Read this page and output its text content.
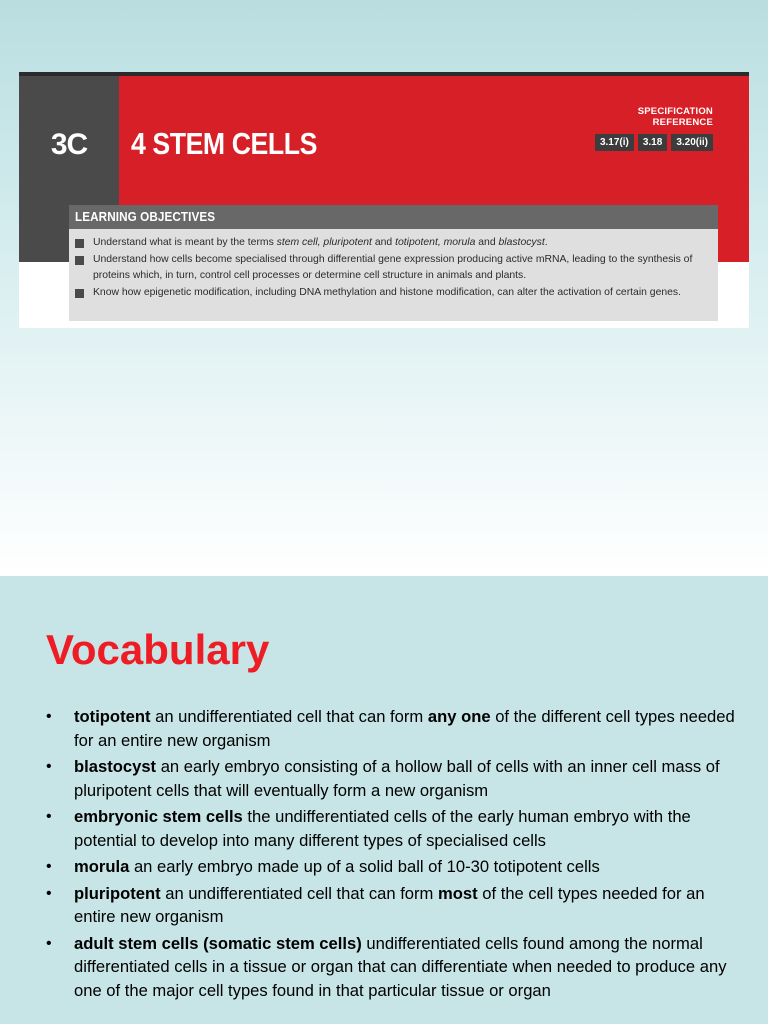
3C	4 STEM CELLS
SPECIFICATION
REFERENCE
3.17(i)	3.18	3.20(ii)
LEARNING OBJECTIVES
Understand what is meant by the terms stem cell, pluripotent and totipotent, morula and blastocyst.
Understand how cells become specialised through differential gene expression producing active mRNA, leading to the synthesis of proteins which, in turn, control cell processes or determine cell structure in animals and plants.
Know how epigenetic modification, including DNA methylation and histone modification, can alter the activation of certain genes.
Vocabulary
• totipotent an undifferentiated cell that can form any one of the different cell types needed for an entire new organism
• blastocyst an early embryo consisting of a hollow ball of cells with an inner cell mass of pluripotent cells that will eventually form a new organism
• embryonic stem cells the undifferentiated cells of the early human embryo with the potential to develop into many different types of specialised cells
• morula an early embryo made up of a solid ball of 10-30 totipotent cells
• pluripotent an undifferentiated cell that can form most of the cell types needed for an entire new organism
• adult stem cells (somatic stem cells) undifferentiated cells found among the normal differentiated cells in a tissue or organ that can differentiate when needed to produce any one of the major cell types found in that particular tissue or organ
